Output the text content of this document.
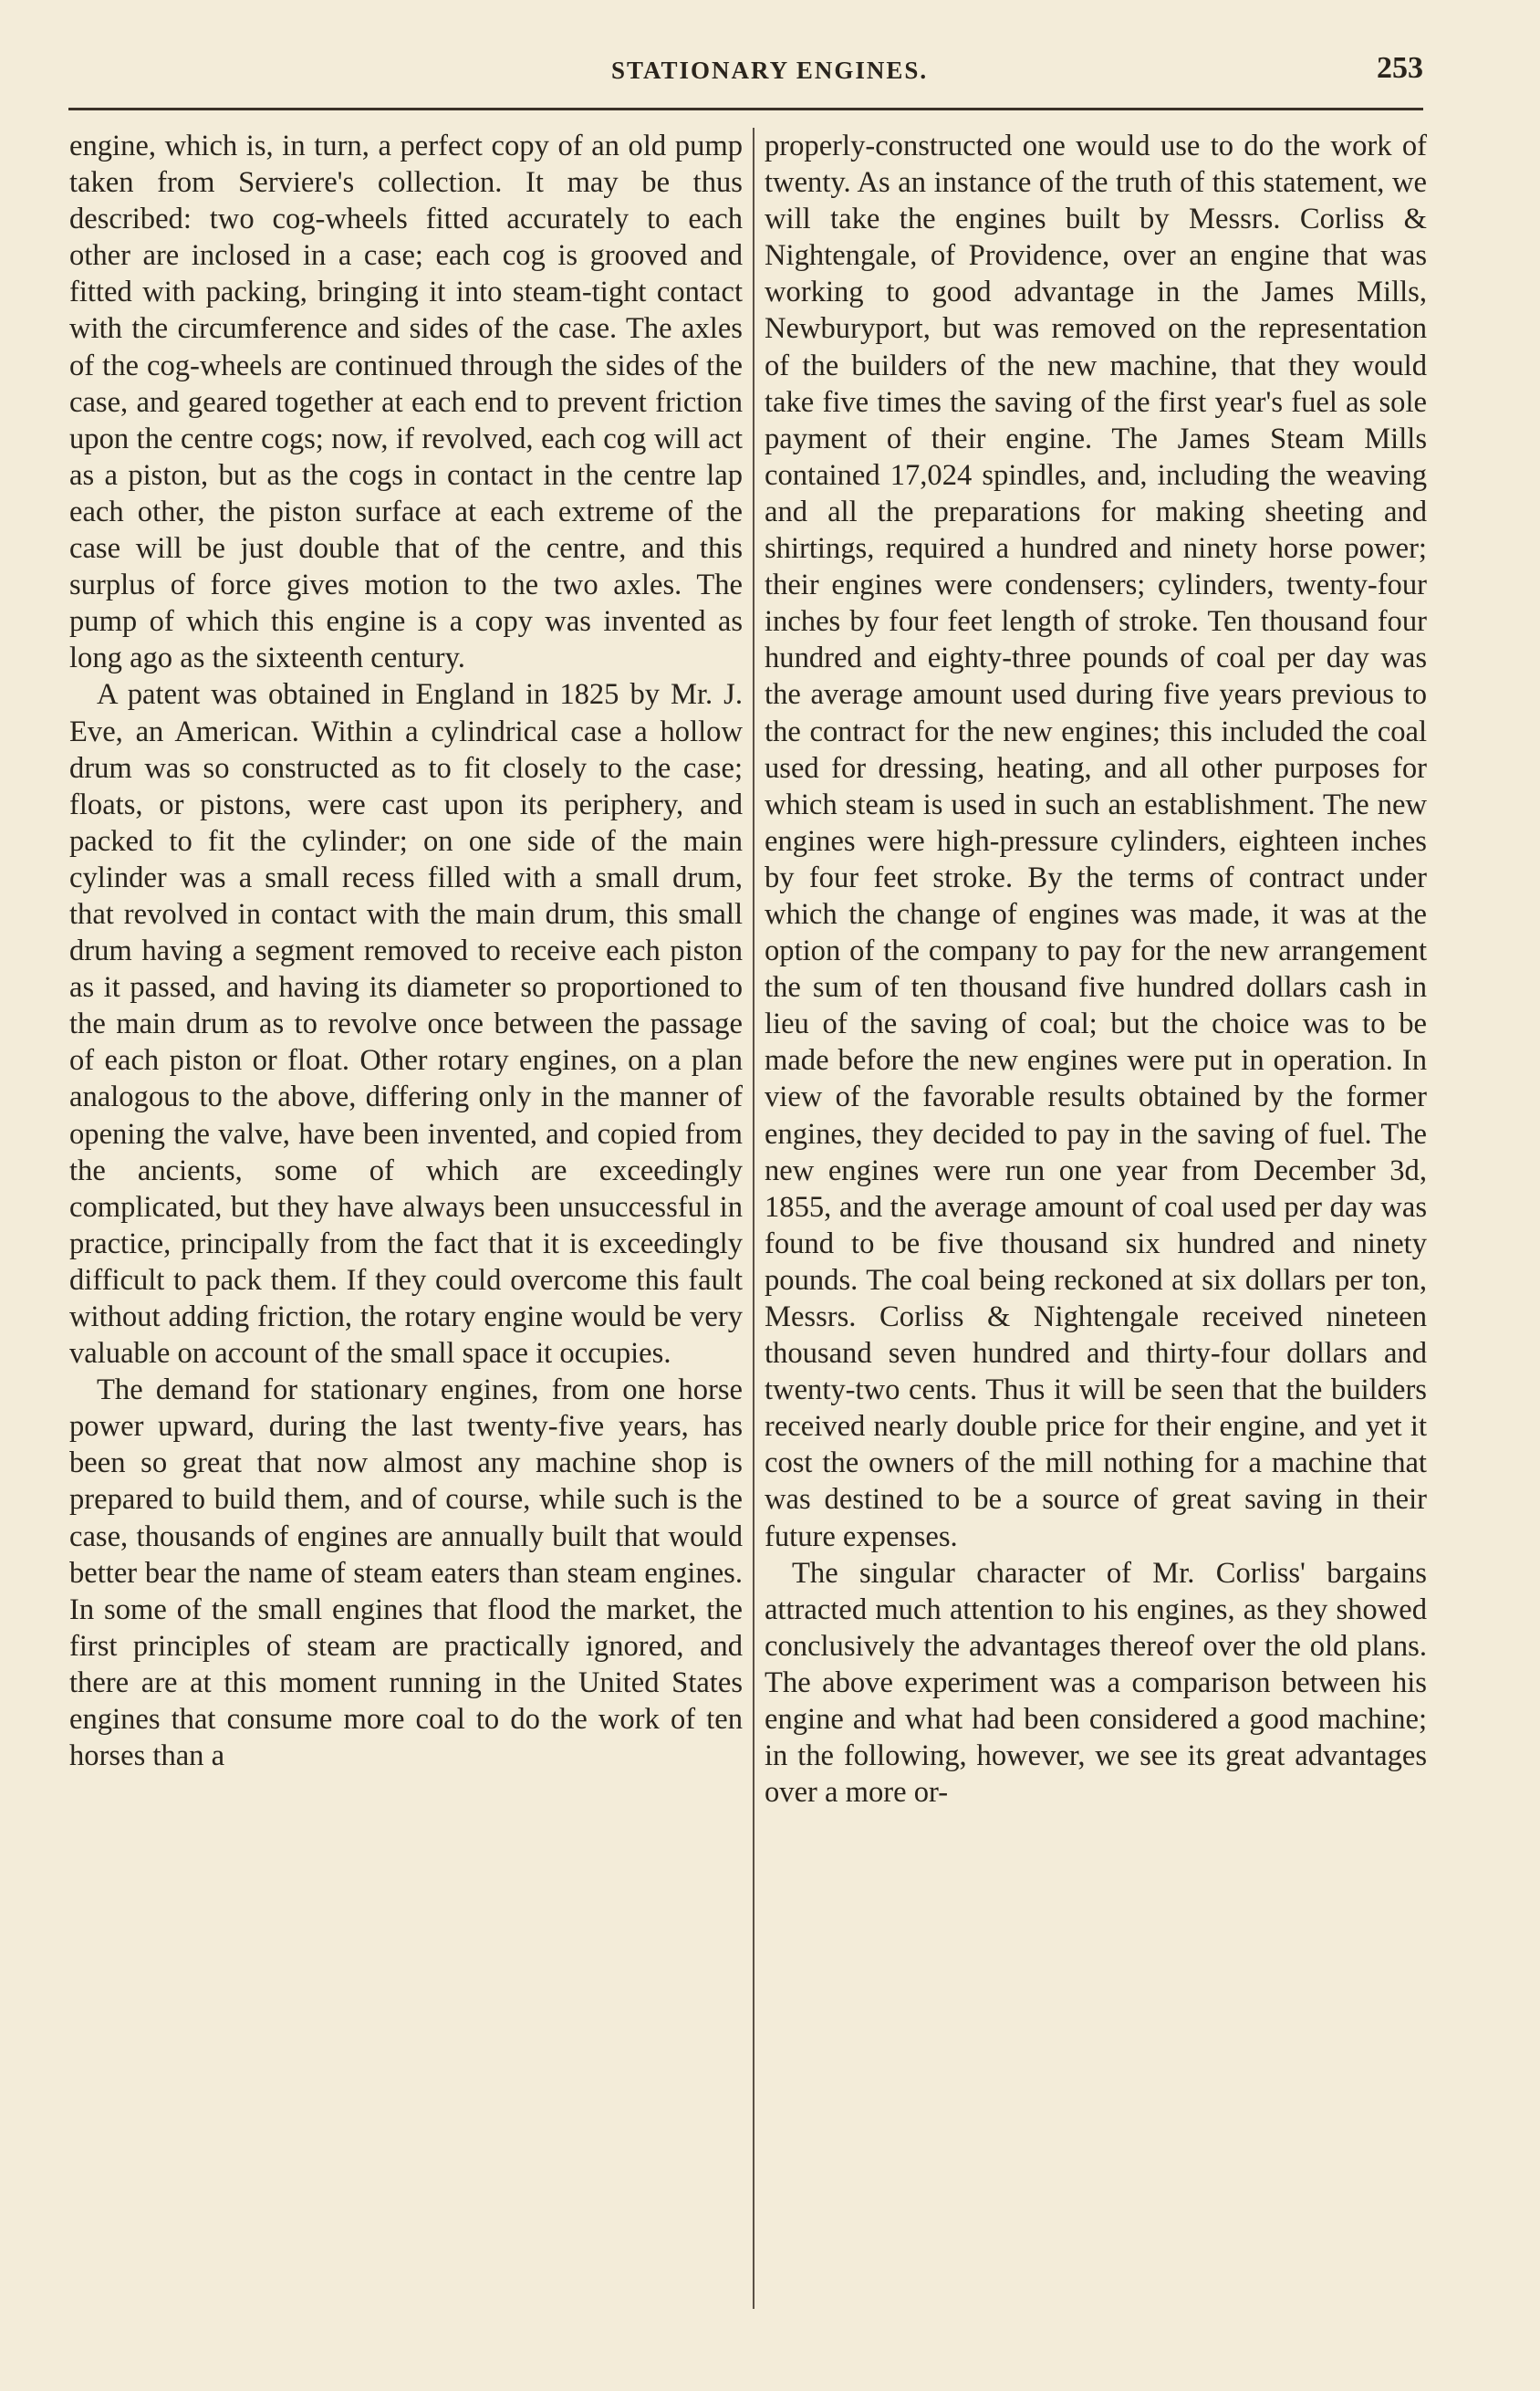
STATIONARY ENGINES.	253

engine, which is, in turn, a perfect copy of an old pump taken from Serviere's collection. It may be thus described: two cog-wheels fitted accurately to each other are inclosed in a case; each cog is grooved and fitted with packing, bringing it into steam-tight contact with the circumference and sides of the case. The axles of the cog-wheels are continued through the sides of the case, and geared together at each end to prevent friction upon the centre cogs; now, if revolved, each cog will act as a piston, but as the cogs in contact in the centre lap each other, the piston surface at each extreme of the case will be just double that of the centre, and this surplus of force gives motion to the two axles. The pump of which this engine is a copy was invented as long ago as the sixteenth century.

A patent was obtained in England in 1825 by Mr. J. Eve, an American. Within a cylindrical case a hollow drum was so constructed as to fit closely to the case; floats, or pistons, were cast upon its periphery, and packed to fit the cylinder; on one side of the main cylinder was a small recess filled with a small drum, that revolved in contact with the main drum, this small drum having a segment removed to receive each piston as it passed, and having its diameter so proportioned to the main drum as to revolve once between the passage of each piston or float. Other rotary engines, on a plan analogous to the above, differing only in the manner of opening the valve, have been invented, and copied from the ancients, some of which are exceedingly complicated, but they have always been unsuccessful in practice, principally from the fact that it is exceedingly difficult to pack them. If they could overcome this fault without adding friction, the rotary engine would be very valuable on account of the small space it occupies.

The demand for stationary engines, from one horse power upward, during the last twenty-five years, has been so great that now almost any machine shop is prepared to build them, and of course, while such is the case, thousands of engines are annually built that would better bear the name of steam eaters than steam engines. In some of the small engines that flood the market, the first principles of steam are practically ignored, and there are at this moment running in the United States engines that consume more coal to do the work of ten horses than a

properly-constructed one would use to do the work of twenty. As an instance of the truth of this statement, we will take the engines built by Messrs. Corliss & Nightengale, of Providence, over an engine that was working to good advantage in the James Mills, Newburyport, but was removed on the representation of the builders of the new machine, that they would take five times the saving of the first year's fuel as sole payment of their engine. The James Steam Mills contained 17,024 spindles, and, including the weaving and all the preparations for making sheeting and shirtings, required a hundred and ninety horse power; their engines were condensers; cylinders, twenty-four inches by four feet length of stroke. Ten thousand four hundred and eighty-three pounds of coal per day was the average amount used during five years previous to the contract for the new engines; this included the coal used for dressing, heating, and all other purposes for which steam is used in such an establishment. The new engines were high-pressure cylinders, eighteen inches by four feet stroke. By the terms of contract under which the change of engines was made, it was at the option of the company to pay for the new arrangement the sum of ten thousand five hundred dollars cash in lieu of the saving of coal; but the choice was to be made before the new engines were put in operation. In view of the favorable results obtained by the former engines, they decided to pay in the saving of fuel. The new engines were run one year from December 3d, 1855, and the average amount of coal used per day was found to be five thousand six hundred and ninety pounds. The coal being reckoned at six dollars per ton, Messrs. Corliss & Nightengale received nineteen thousand seven hundred and thirty-four dollars and twenty-two cents. Thus it will be seen that the builders received nearly double price for their engine, and yet it cost the owners of the mill nothing for a machine that was destined to be a source of great saving in their future expenses.

The singular character of Mr. Corliss' bargains attracted much attention to his engines, as they showed conclusively the advantages thereof over the old plans. The above experiment was a comparison between his engine and what had been considered a good machine; in the following, however, we see its great advantages over a more or-
